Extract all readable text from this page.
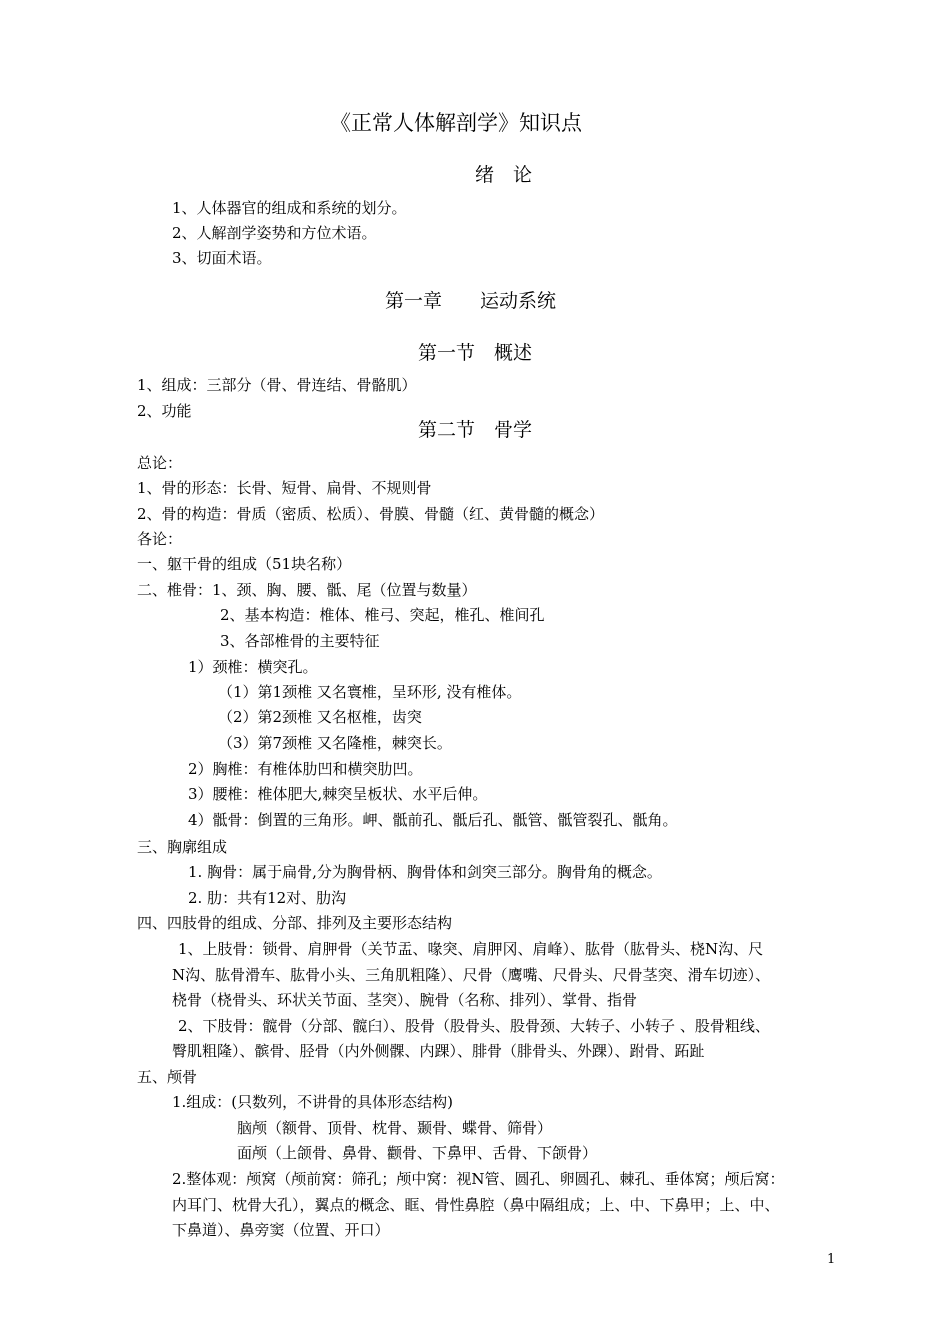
《正常人体解剖学》知识点
绪　论
1、人体器官的组成和系统的划分。
2、人解剖学姿势和方位术语。
3、切面术语。
第一章　　运动系统
第一节　概述
1、组成：三部分（骨、骨连结、骨骼肌）
2、功能
第二节　骨学
总论：
1、骨的形态：长骨、短骨、扁骨、不规则骨
2、骨的构造：骨质（密质、松质）、骨膜、骨髓（红、黄骨髓的概念）
各论：
一、躯干骨的组成（51块名称）
二、椎骨：1、颈、胸、腰、骶、尾（位置与数量）
2、基本构造：椎体、椎弓、突起，椎孔、椎间孔
3、各部椎骨的主要特征
1）颈椎：横突孔。
（1）第1颈椎 又名寰椎，呈环形, 没有椎体。
（2）第2颈椎 又名枢椎，齿突
（3）第7颈椎 又名隆椎，棘突长。
2）胸椎：有椎体肋凹和横突肋凹。
3）腰椎：椎体肥大,棘突呈板状、水平后伸。
4）骶骨：倒置的三角形。岬、骶前孔、骶后孔、骶管、骶管裂孔、骶角。
三、胸廓组成
1. 胸骨：属于扁骨,分为胸骨柄、胸骨体和剑突三部分。胸骨角的概念。
2. 肋：共有12对、肋沟
四、四肢骨的组成、分部、排列及主要形态结构
1、上肢骨：锁骨、肩胛骨（关节盂、喙突、肩胛冈、肩峰）、肱骨（肱骨头、桡N沟、尺
N沟、肱骨滑车、肱骨小头、三角肌粗隆）、尺骨（鹰嘴、尺骨头、尺骨茎突、滑车切迹）、
桡骨（桡骨头、环状关节面、茎突）、腕骨（名称、排列）、掌骨、指骨
2、下肢骨：髋骨（分部、髋臼）、股骨（股骨头、股骨颈、大转子、小转子 、股骨粗线、
臀肌粗隆）、髌骨、胫骨（内外侧髁、内踝）、腓骨（腓骨头、外踝）、跗骨、跖趾
五、颅骨
1.组成：(只数列，不讲骨的具体形态结构)
脑颅（额骨、顶骨、枕骨、颞骨、蝶骨、筛骨）
面颅（上颌骨、鼻骨、颧骨、下鼻甲、舌骨、下颌骨）
2.整体观：颅窝（颅前窝：筛孔；颅中窝：视N管、圆孔、卵圆孔、棘孔、垂体窝；颅后窝：
内耳门、枕骨大孔），翼点的概念、眶、骨性鼻腔（鼻中隔组成；上、中、下鼻甲；上、中、
下鼻道）、鼻旁窦（位置、开口）
1
